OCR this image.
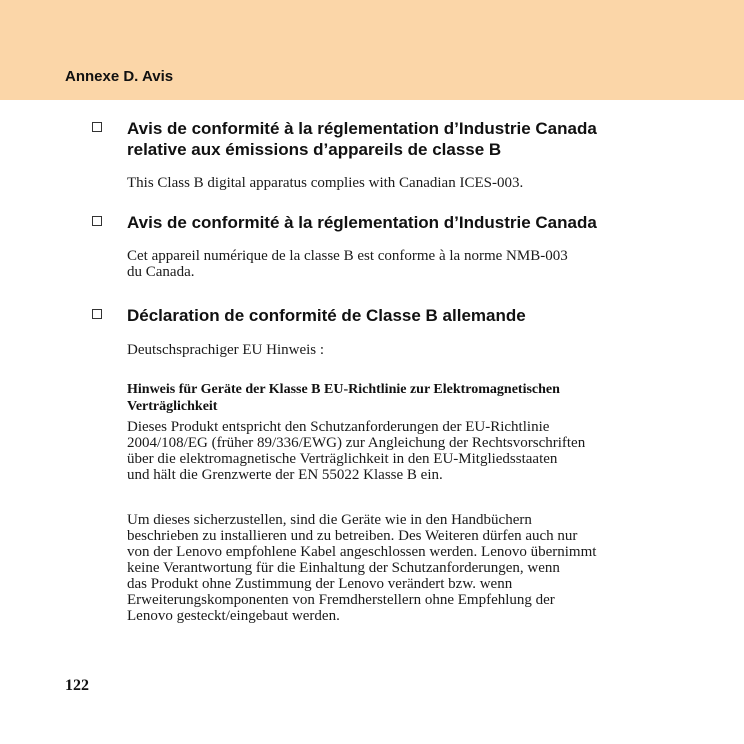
Annexe D. Avis
Avis de conformité à la réglementation d’Industrie Canada
relative aux émissions d’appareils de classe B
This Class B digital apparatus complies with Canadian ICES-003.
Avis de conformité à la réglementation d’Industrie Canada
Cet appareil numérique de la classe B est conforme à la norme NMB-003
du Canada.
Déclaration de conformité de Classe B allemande
Deutschsprachiger EU Hinweis :
Hinweis für Geräte der Klasse B EU-Richtlinie zur Elektromagnetischen
Verträglichkeit
Dieses Produkt entspricht den Schutzanforderungen der EU-Richtlinie
2004/108/EG (früher 89/336/EWG) zur Angleichung der Rechtsvorschriften
über die elektromagnetische Verträglichkeit in den EU-Mitgliedsstaaten
und hält die Grenzwerte der EN 55022 Klasse B ein.
Um dieses sicherzustellen, sind die Geräte wie in den Handbüchern
beschrieben zu installieren und zu betreiben. Des Weiteren dürfen auch nur
von der Lenovo empfohlene Kabel angeschlossen werden. Lenovo übernimmt
keine Verantwortung für die Einhaltung der Schutzanforderungen, wenn
das Produkt ohne Zustimmung der Lenovo verändert bzw. wenn
Erweiterungskomponenten von Fremdherstellern ohne Empfehlung der
Lenovo gesteckt/eingebaut werden.
122
